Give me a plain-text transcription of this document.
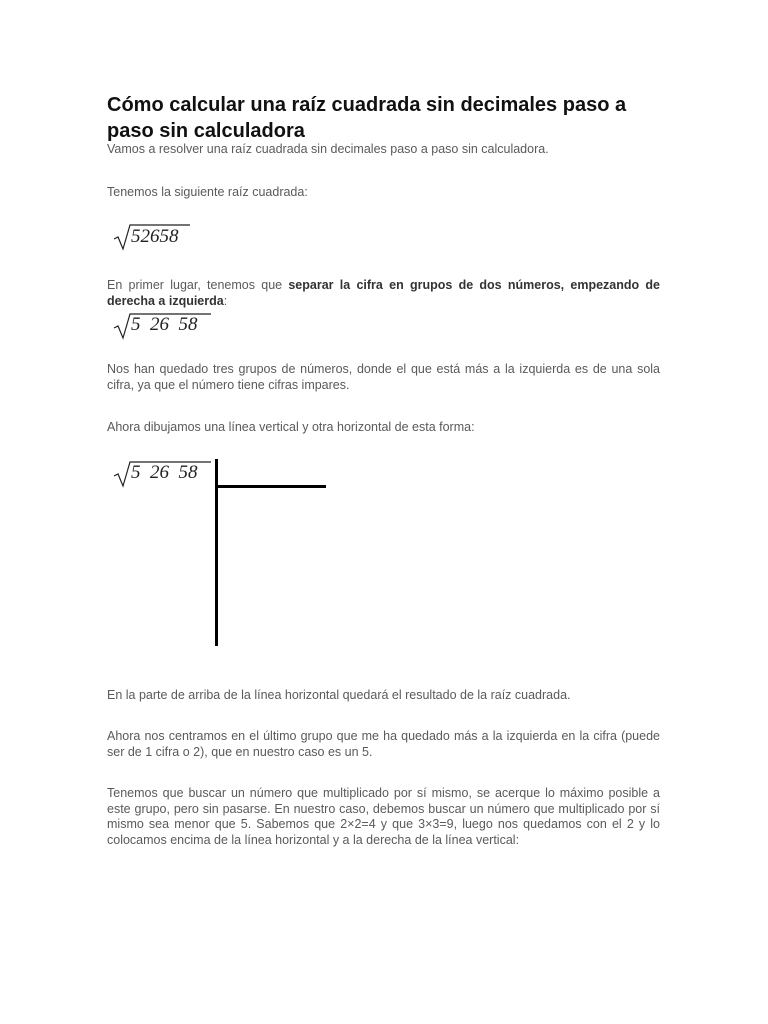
Cómo calcular una raíz cuadrada sin decimales paso a paso sin calculadora

Vamos a resolver una raíz cuadrada sin decimales paso a paso sin calculadora.

Tenemos la siguiente raíz cuadrada:

52658

En primer lugar, tenemos que separar la cifra en grupos de dos números, empezando de derecha a izquierda:

5  26  58

Nos han quedado tres grupos de números, donde el que está más a la izquierda es de una sola cifra, ya que el número tiene cifras impares.

Ahora dibujamos una línea vertical y otra horizontal de esta forma:

5  26  58

En la parte de arriba de la línea horizontal quedará el resultado de la raíz cuadrada.

Ahora nos centramos en el último grupo que me ha quedado más a la izquierda en la cifra (puede ser de 1 cifra o 2), que en nuestro caso es un 5.

Tenemos que buscar un número que multiplicado por sí mismo, se acerque lo máximo posible a este grupo, pero sin pasarse. En nuestro caso, debemos buscar un número que multiplicado por sí mismo sea menor que 5. Sabemos que 2×2=4 y que 3×3=9, luego nos quedamos con el 2 y lo colocamos encima de la línea horizontal y a la derecha de la línea vertical:
